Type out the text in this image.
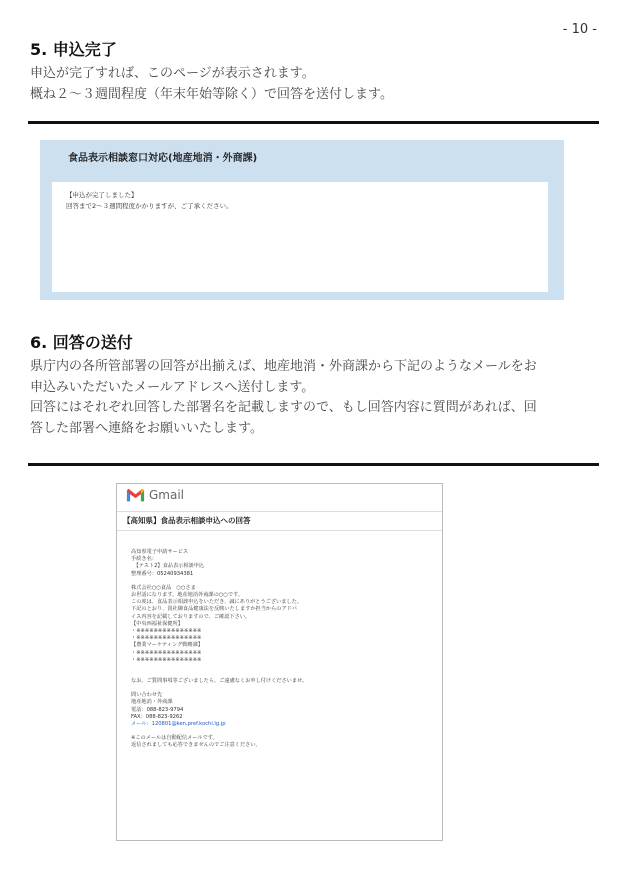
- 10 -
5. 申込完了

申込が完了すれば、このページが表示されます。

概ね２～３週間程度（年末年始等除く）で回答を送付します。

食品表示相談窓口対応(地産地消・外商課)
【申込が完了しました】
回答まで2～３週間程度かかりますが、ご了承ください。
6. 回答の送付

県庁内の各所管部署の回答が出揃えば、地産地消・外商課から下記のようなメールをお

申込みいただいたメールアドレスへ送付します。

回答にはそれぞれ回答した部署名を記載しますので、もし回答内容に質問があれば、回

答した部署へ連絡をお願いいたします。

Gmail
【高知県】食品表示相談申込への回答
高知県電子申請サービス
手続き名：
　【テスト2】食品表示相談申込
整理番号：05240934381
株式会社○○食品　○○さま
お世話になります。地産地消外商課の○○です。
この度は、食品表示相談申込をいただき、誠にありがとうございました。
下記のとおり、貴社御食品健康法を反映いたしますか担当からのアドバ
イス内容を記載しておりますので、ご確認下さい。
【中央西福祉保健所】
・※※※※※※※※※※※※※※※
・※※※※※※※※※※※※※※※
【農業マーケティング戦略課】
・※※※※※※※※※※※※※※※
・※※※※※※※※※※※※※※※
なお、ご質問事項等ございましたら、ご遠慮なくお申し付けくださいませ。
問い合わせ先
地産地消・外商課
電話：088-823-9794
FAX：088-823-9262
メール：120801@ken.pref.kochi.lg.jp
※このメールは自動配信メールです。
返信されましても応答できませんのでご注意ください。
